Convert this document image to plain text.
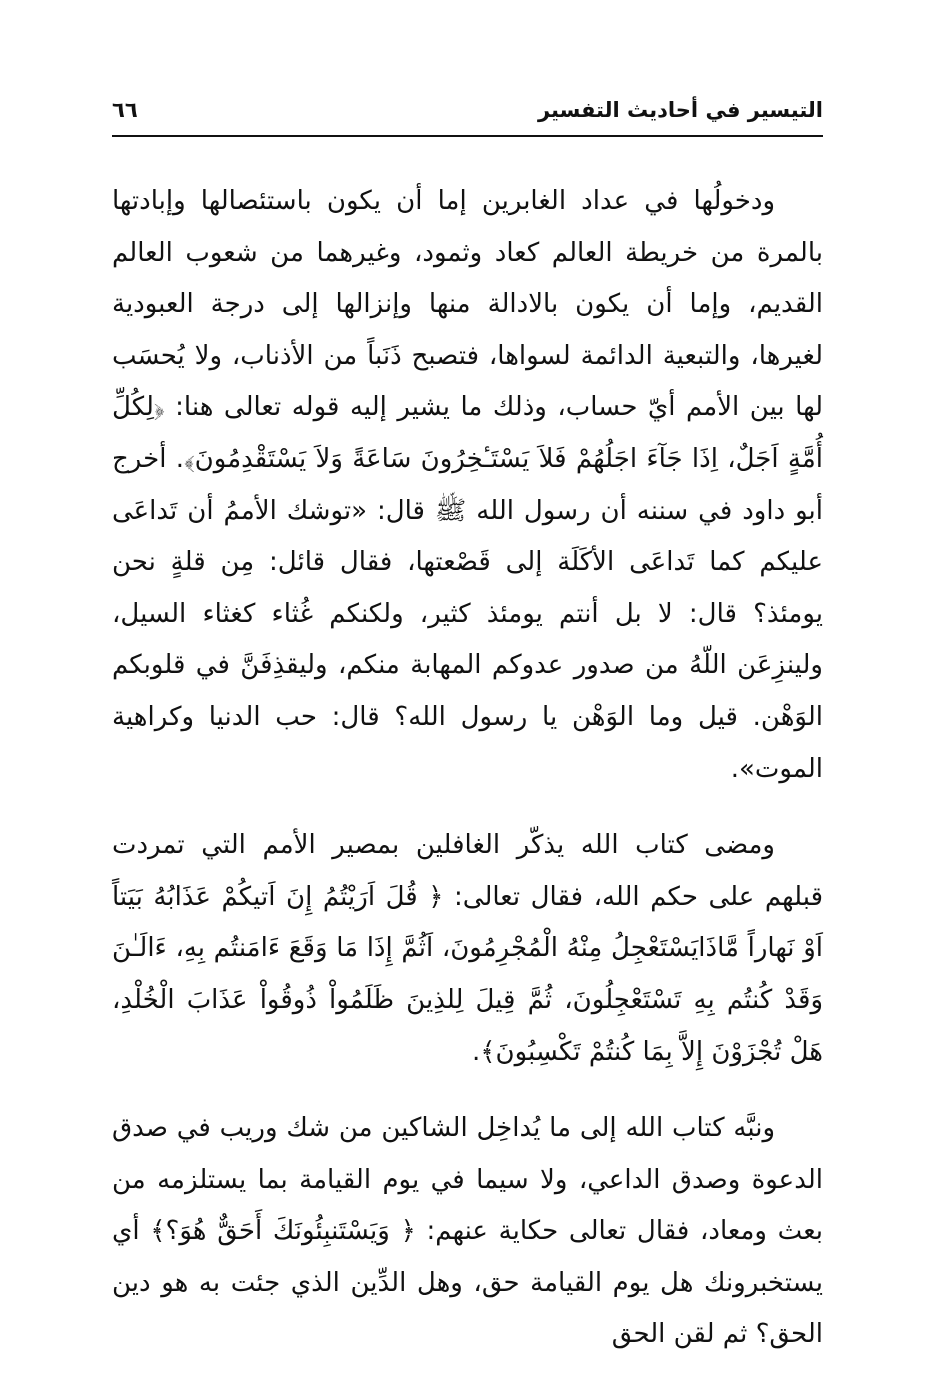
التيسير في أحاديث التفسير
٦٦

ودخولُها في عداد الغابرين إما أن يكون باستئصالها وإبادتها بالمرة من خريطة العالم كعاد وثمود، وغيرهما من شعوب العالم القديم، وإما أن يكون بالادالة منها وإنزالها إلى درجة العبودية لغيرها، والتبعية الدائمة لسواها، فتصبح ذَنَباً من الأذناب، ولا يُحسَب لها بين الأمم أيّ حساب، وذلك ما يشير إليه قوله تعالى هنا: ﴿لِكُلِّ أُمَّةٍ اَجَلٌ، اِذَا جَآءَ اجَلُهُمْ فَلاَ يَسْتَـٔخِرُونَ سَاعَةً وَلاَ يَسْتَقْدِمُونَ﴾. أخرج أبو داود في سننه أن رسول الله ﷺ قال: «توشك الأممُ أن تَداعَى عليكم كما تَداعَى الأكَلَة إلى قَصْعتها، فقال قائل: مِن قلةٍ نحن يومئذ؟ قال: لا بل أنتم يومئذ كثير، ولكنكم غُثاء كغثاء السيل، ولينزِعَن اللّهُ من صدور عدوكم المهابة منكم، وليقذِفَنَّ في قلوبكم الوَهْن. قيل وما الوَهْن يا رسول الله؟ قال: حب الدنيا وكراهية الموت».

ومضى كتاب الله يذكّر الغافلين بمصير الأمم التي تمردت قبلهم على حكم الله، فقال تعالى: ﴿ قُلَ اَرَيْتُمُ إِنَ اَتيكُمْ عَذَابُهُ بَيَتاً اَوْ نَهاراً مَّاذَايَسْتَعْجِلُ مِنْهُ الْمُجْرِمُونَ، اَثُمَّ إِذَا مَا وَقَعَ ءَامَنتُم بِهِ، ءَالَـٰنَ وَقَدْ كُنتُم بِهِ تَسْتَعْجِلُونَ، ثُمَّ قِيلَ لِلذِينَ ظَلَمُواْ ذُوقُواْ عَذَابَ الْخُلْدِ، هَلْ تُجْزَوْنَ إِلاَّ بِمَا كُنتُمْ تَكْسِبُونَ﴾.

ونبَّه كتاب الله إلى ما يُداخِل الشاكين من شك وريب في صدق الدعوة وصدق الداعي، ولا سيما في يوم القيامة بما يستلزمه من بعث ومعاد، فقال تعالى حكاية عنهم: ﴿ وَيَسْتَنبِئُونَكَ أَحَقٌّ هُوَ؟﴾ أي يستخبرونك هل يوم القيامة حق، وهل الدِّين الذي جئت به هو دين الحق؟ ثم لقن الحق
